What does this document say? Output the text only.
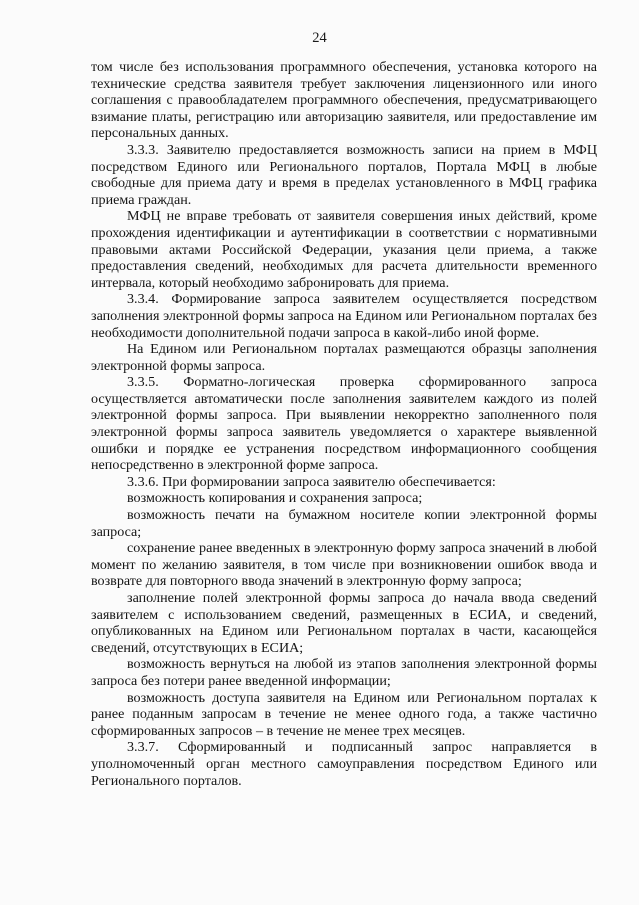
24

том числе без использования программного обеспечения, установка которого на технические средства заявителя требует заключения лицензионного или иного соглашения с правообладателем программного обеспечения, предусматривающего взимание платы, регистрацию или авторизацию заявителя, или предоставление им персональных данных.

3.3.3. Заявителю предоставляется возможность записи на прием в МФЦ посредством Единого или Регионального порталов, Портала МФЦ в любые свободные для приема дату и время в пределах установленного в МФЦ графика приема граждан.

МФЦ не вправе требовать от заявителя совершения иных действий, кроме прохождения идентификации и аутентификации в соответствии с нормативными правовыми актами Российской Федерации, указания цели приема, а также предоставления сведений, необходимых для расчета длительности временного интервала, который необходимо забронировать для приема.

3.3.4. Формирование запроса заявителем осуществляется посредством заполнения электронной формы запроса на Едином или Региональном порталах без необходимости дополнительной подачи запроса в какой-либо иной форме.

На Едином или Региональном порталах размещаются образцы заполнения электронной формы запроса.

3.3.5. Форматно-логическая проверка сформированного запроса осуществляется автоматически после заполнения заявителем каждого из полей электронной формы запроса. При выявлении некорректно заполненного поля электронной формы запроса заявитель уведомляется о характере выявленной ошибки и порядке ее устранения посредством информационного сообщения непосредственно в электронной форме запроса.

3.3.6. При формировании запроса заявителю обеспечивается:

возможность копирования и сохранения запроса;

возможность печати на бумажном носителе копии электронной формы запроса;

сохранение ранее введенных в электронную форму запроса значений в любой момент по желанию заявителя, в том числе при возникновении ошибок ввода и возврате для повторного ввода значений в электронную форму запроса;

заполнение полей электронной формы запроса до начала ввода сведений заявителем с использованием сведений, размещенных в ЕСИА, и сведений, опубликованных на Едином или Региональном порталах в части, касающейся сведений, отсутствующих в ЕСИА;

возможность вернуться на любой из этапов заполнения электронной формы запроса без потери ранее введенной информации;

возможность доступа заявителя на Едином или Региональном порталах к ранее поданным запросам в течение не менее одного года, а также частично сформированных запросов – в течение не менее трех месяцев.

3.3.7. Сформированный и подписанный запрос направляется в уполномоченный орган местного самоуправления посредством Единого или Регионального порталов.
